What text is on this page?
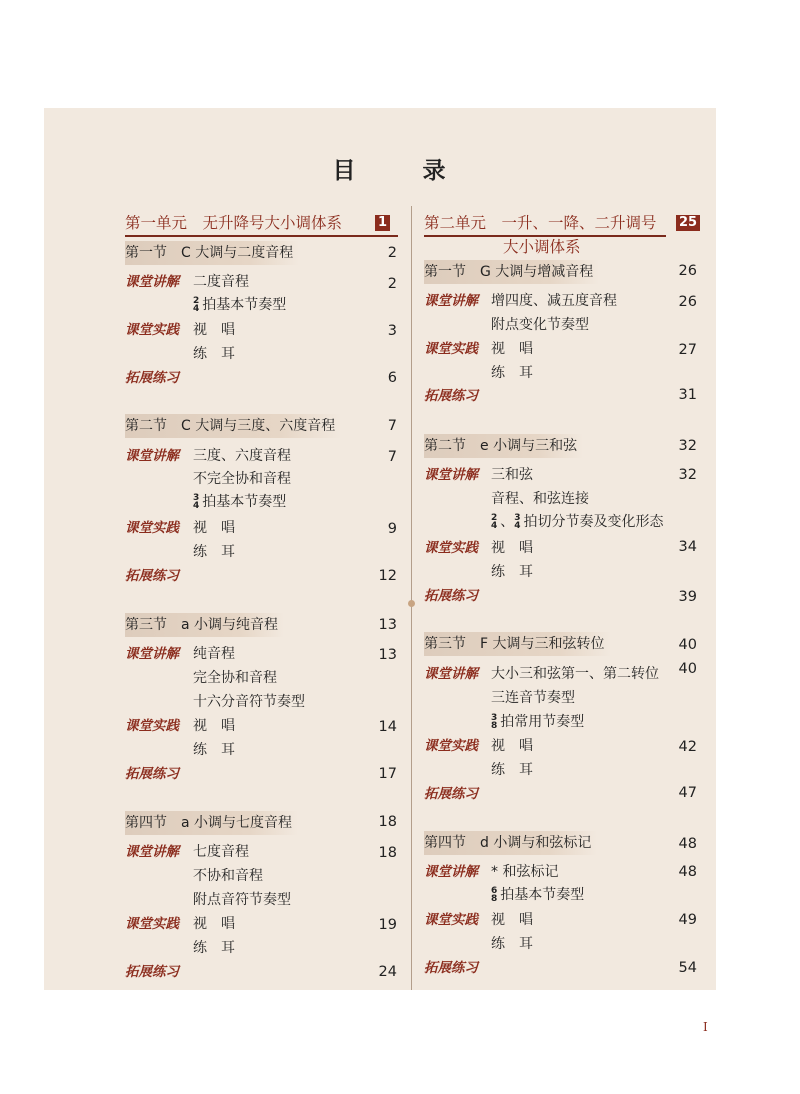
目　录
第一单元　无升降号大小调体系	1
第一节 C 大调与二度音程	2
课堂讲解 二度音程	2
2
4 拍基本节奏型
课堂实践 视　唱	3
练　耳
拓展练习	6
第二节 C 大调与三度、六度音程	7
课堂讲解 三度、六度音程	7
不完全协和音程
3
4 拍基本节奏型
课堂实践 视　唱	9
练　耳
拓展练习	12
第三节 a 小调与纯音程	13
课堂讲解 纯音程	13
完全协和音程
十六分音符节奏型
课堂实践 视　唱	14
练　耳
拓展练习	17
第四节 a 小调与七度音程	18
课堂讲解 七度音程	18
不协和音程
附点音符节奏型
课堂实践 视　唱	19
练　耳
拓展练习	24
第二单元　一升、一降、二升调号
大小调体系
25
第一节 G 大调与增减音程	26
课堂讲解 增四度、减五度音程	26
附点变化节奏型
课堂实践 视　唱	27
练　耳
拓展练习	31
第二节 e 小调与三和弦	32
课堂讲解 三和弦	32
音程、和弦连接
2
4 、 3
4 拍切分节奏及变化形态
课堂实践 视　唱	34
练　耳
拓展练习	39
第三节 F 大调与三和弦转位	40
课堂讲解 大小三和弦第一、第二转位	40
三连音节奏型
3
8 拍常用节奏型
课堂实践 视　唱	42
练　耳
拓展练习	47
第四节 d 小调与和弦标记	48
课堂讲解 * 和弦标记	48
6
8 拍基本节奏型
课堂实践 视　唱	49
练　耳
拓展练习	54
I
